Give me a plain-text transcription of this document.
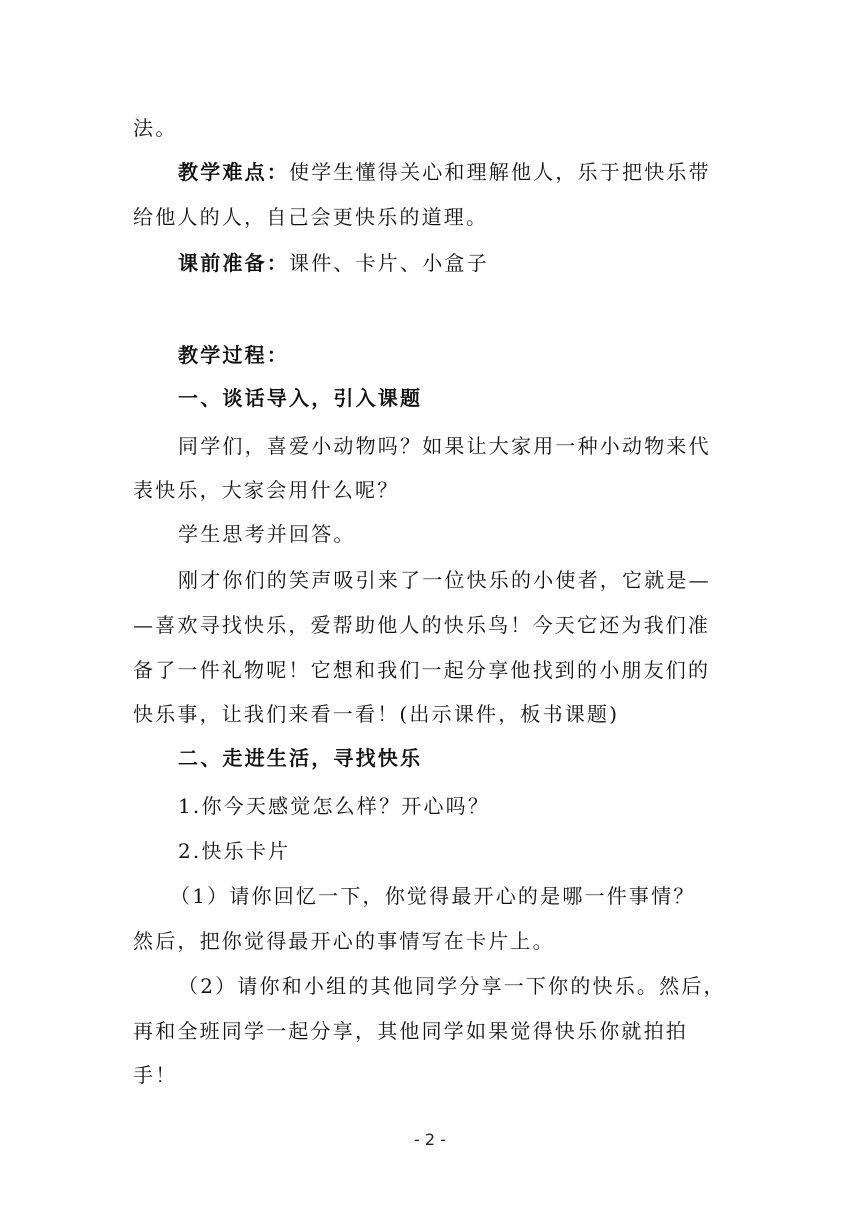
法。
教学难点：使学生懂得关心和理解他人，乐于把快乐带
给他人的人，自己会更快乐的道理。
课前准备：课件、卡片、小盒子
教学过程：
一、谈话导入，引入课题
同学们，喜爱小动物吗？如果让大家用一种小动物来代
表快乐，大家会用什么呢？
学生思考并回答。
刚才你们的笑声吸引来了一位快乐的小使者，它就是—
—喜欢寻找快乐，爱帮助他人的快乐鸟！今天它还为我们准
备了一件礼物呢！它想和我们一起分享他找到的小朋友们的
快乐事，让我们来看一看！(出示课件，板书课题)
二、走进生活，寻找快乐
1.你今天感觉怎么样？开心吗？
2.快乐卡片
（1）请你回忆一下，你觉得最开心的是哪一件事情？
然后，把你觉得最开心的事情写在卡片上。
（2）请你和小组的其他同学分享一下你的快乐。然后，
再和全班同学一起分享，其他同学如果觉得快乐你就拍拍
手！
- 2 -
